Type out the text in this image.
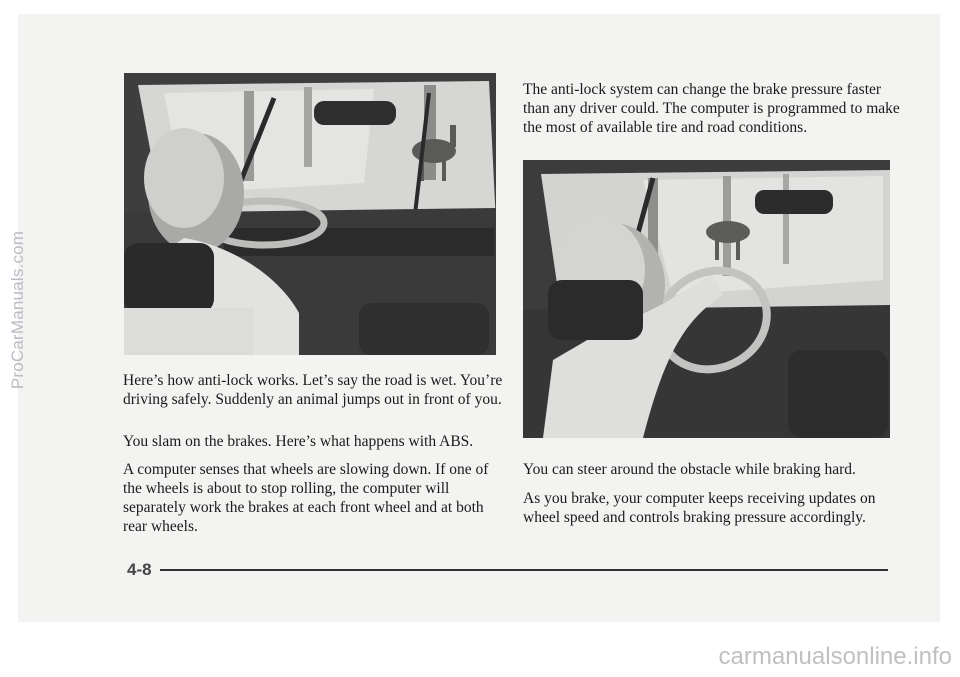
ProCarManuals.com
carmanualsonline.info

The anti-lock system can change the brake pressure faster than any driver could. The computer is programmed to make the most of available tire and road conditions.

Here’s how anti-lock works. Let’s say the road is wet. You’re driving safely. Suddenly an animal jumps out in front of you.

You slam on the brakes. Here’s what happens with ABS.

A computer senses that wheels are slowing down. If one of the wheels is about to stop rolling, the computer will separately work the brakes at each front wheel and at both rear wheels.

You can steer around the obstacle while braking hard.

As you brake, your computer keeps receiving updates on wheel speed and controls braking pressure accordingly.

4-8
